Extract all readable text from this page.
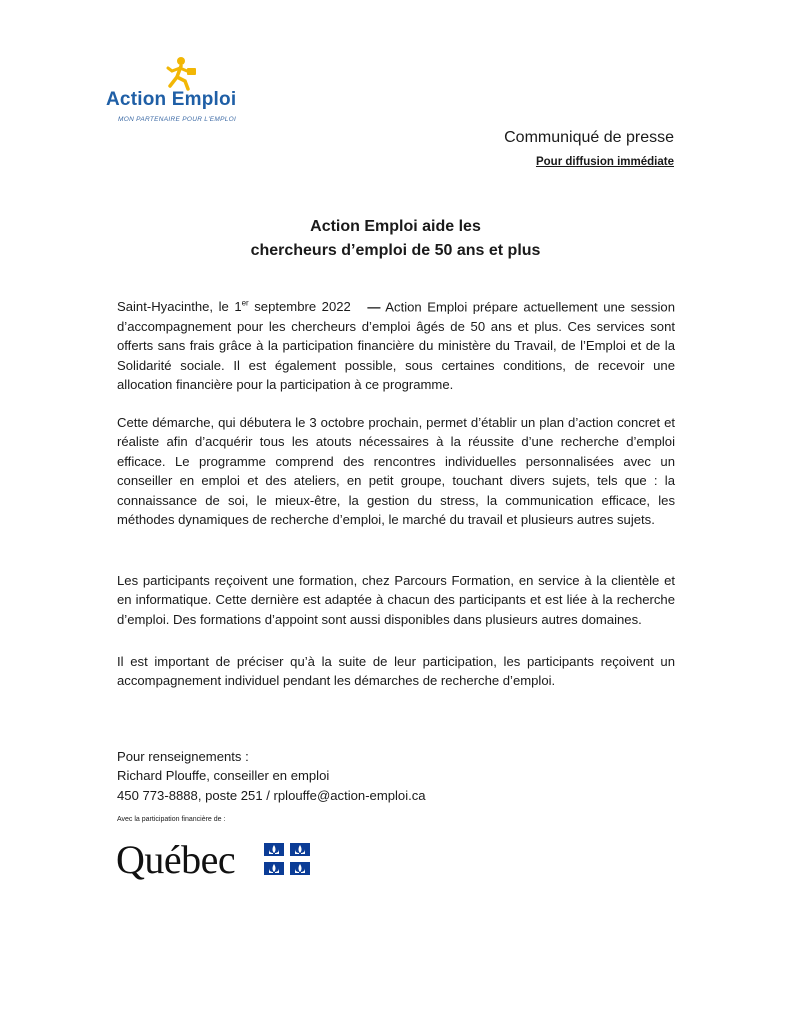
Action Emploi
MON PARTENAIRE POUR L'EMPLOI
Communiqué de presse
Pour diffusion immédiate
Action Emploi aide les
chercheurs d’emploi de 50 ans et plus

Saint-Hyacinthe, le 1er septembre 2022 — Action Emploi prépare actuellement une session d’accompagnement pour les chercheurs d’emploi âgés de 50 ans et plus. Ces services sont offerts sans frais grâce à la participation financière du ministère du Travail, de l’Emploi et de la Solidarité sociale. Il est également possible, sous certaines conditions, de recevoir une allocation financière pour la participation à ce programme.

Cette démarche, qui débutera le 3 octobre prochain, permet d’établir un plan d’action concret et réaliste afin d’acquérir tous les atouts nécessaires à la réussite d’une recherche d’emploi efficace. Le programme comprend des rencontres individuelles personnalisées avec un conseiller en emploi et des ateliers, en petit groupe, touchant divers sujets, tels que : la connaissance de soi, le mieux-être, la gestion du stress, la communication efficace, les méthodes dynamiques de recherche d’emploi, le marché du travail et plusieurs autres sujets.

Les participants reçoivent une formation, chez Parcours Formation, en service à la clientèle et en informatique. Cette dernière est adaptée à chacun des participants et est liée à la recherche d’emploi. Des formations d’appoint sont aussi disponibles dans plusieurs autres domaines.

Il est important de préciser qu’à la suite de leur participation, les participants reçoivent un accompagnement individuel pendant les démarches de recherche d’emploi.

Pour renseignements :
Richard Plouffe, conseiller en emploi
450 773-8888, poste 251 / rplouffe@action-emploi.ca
Avec la participation financière de :
Québec
